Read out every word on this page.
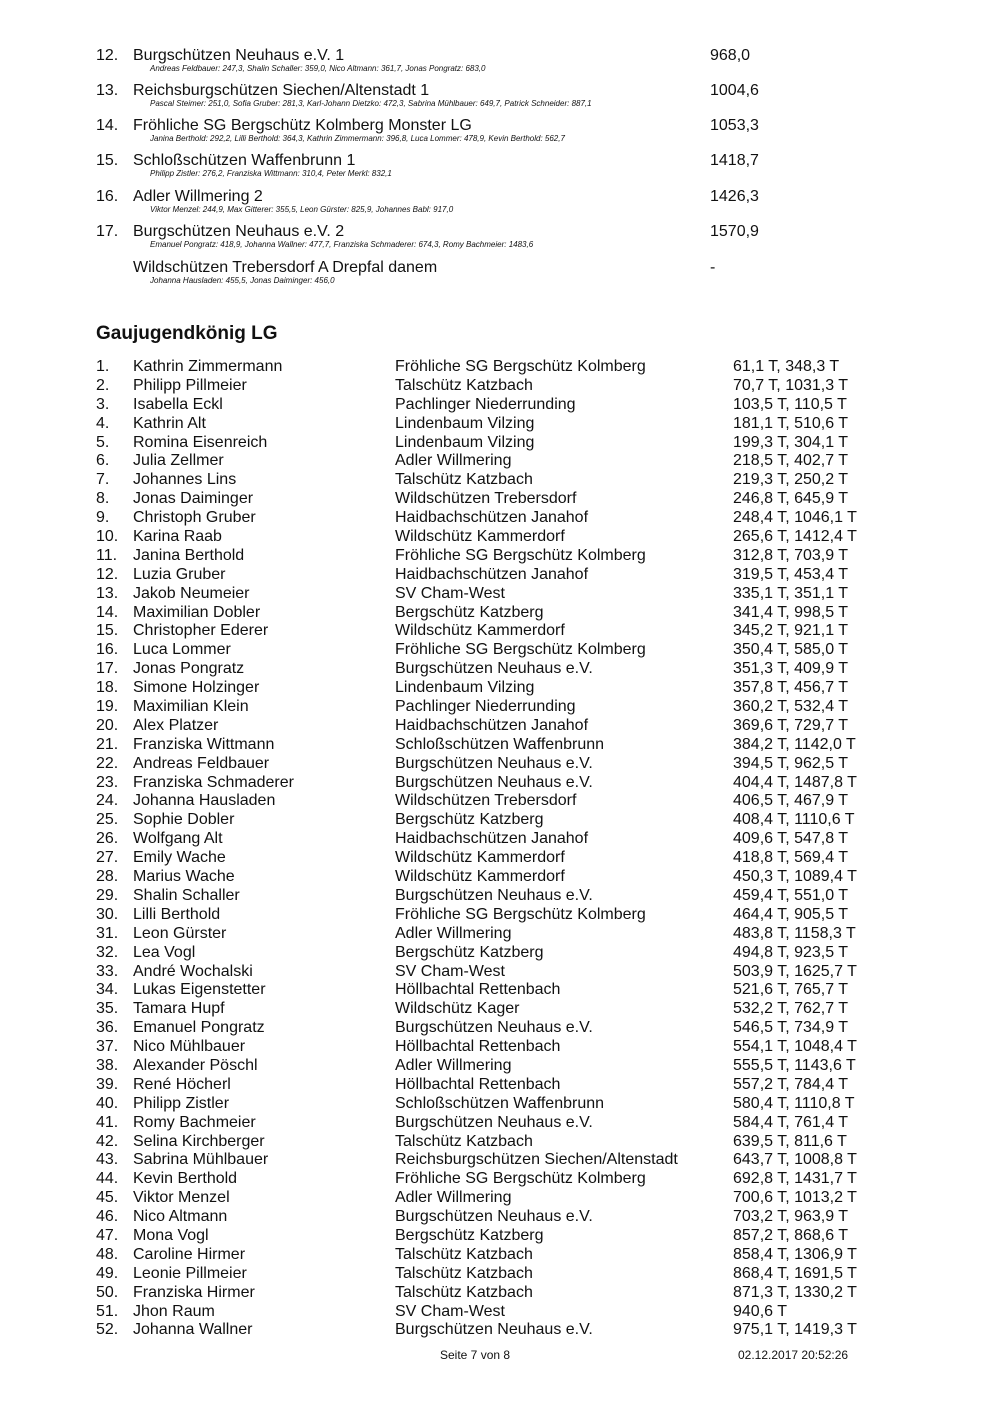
12. Burgschützen Neuhaus e.V. 1
Andreas Feldbauer: 247,3, Shalin Schaller: 359,0, Nico Altmann: 361,7, Jonas Pongratz: 683,0
968,0
13. Reichsburgschützen Siechen/Altenstadt 1
Pascal Steimer: 251,0, Sofia Gruber: 281,3, Karl-Johann Dietzko: 472,3, Sabrina Mühlbauer: 649,7, Patrick Schneider: 887,1
1004,6
14. Fröhliche SG Bergschütz Kolmberg Monster LG
Janina Berthold: 292,2, Lilli Berthold: 364,3, Kathrin Zimmermann: 396,8, Luca Lommer: 478,9, Kevin Berthold: 562,7
1053,3
15. Schloßschützen Waffenbrunn 1
Philipp Zistler: 276,2, Franziska Wittmann: 310,4, Peter Merkl: 832,1
1418,7
16. Adler Willmering 2
Viktor Menzel: 244,9, Max Gitterer: 355,5, Leon Gürster: 825,9, Johannes Babl: 917,0
1426,3
17. Burgschützen Neuhaus e.V. 2
Emanuel Pongratz: 418,9, Johanna Wallner: 477,7, Franziska Schmaderer: 674,3, Romy Bachmeier: 1483,6
1570,9
Wildschützen Trebersdorf A Drepfal danem
Johanna Hausladen: 455,5, Jonas Daiminger: 456,0
-
Gaujugendkönig LG
1. Kathrin Zimmermann	Fröhliche SG Bergschütz Kolmberg	61,1 T, 348,3 T
2. Philipp Pillmeier	Talschütz Katzbach	70,7 T, 1031,3 T
3. Isabella Eckl	Pachlinger Niederrunding	103,5 T, 110,5 T
4. Kathrin Alt	Lindenbaum Vilzing	181,1 T, 510,6 T
5. Romina Eisenreich	Lindenbaum Vilzing	199,3 T, 304,1 T
6. Julia Zellmer	Adler Willmering	218,5 T, 402,7 T
7. Johannes Lins	Talschütz Katzbach	219,3 T, 250,2 T
8. Jonas Daiminger	Wildschützen Trebersdorf	246,8 T, 645,9 T
9. Christoph Gruber	Haidbachschützen Janahof	248,4 T, 1046,1 T
10. Karina Raab	Wildschütz Kammerdorf	265,6 T, 1412,4 T
11. Janina Berthold	Fröhliche SG Bergschütz Kolmberg	312,8 T, 703,9 T
12. Luzia Gruber	Haidbachschützen Janahof	319,5 T, 453,4 T
13. Jakob Neumeier	SV Cham-West	335,1 T, 351,1 T
14. Maximilian Dobler	Bergschütz Katzberg	341,4 T, 998,5 T
15. Christopher Ederer	Wildschütz Kammerdorf	345,2 T, 921,1 T
16. Luca Lommer	Fröhliche SG Bergschütz Kolmberg	350,4 T, 585,0 T
17. Jonas Pongratz	Burgschützen Neuhaus e.V.	351,3 T, 409,9 T
18. Simone Holzinger	Lindenbaum Vilzing	357,8 T, 456,7 T
19. Maximilian Klein	Pachlinger Niederrunding	360,2 T, 532,4 T
20. Alex Platzer	Haidbachschützen Janahof	369,6 T, 729,7 T
21. Franziska Wittmann	Schloßschützen Waffenbrunn	384,2 T, 1142,0 T
22. Andreas Feldbauer	Burgschützen Neuhaus e.V.	394,5 T, 962,5 T
23. Franziska Schmaderer	Burgschützen Neuhaus e.V.	404,4 T, 1487,8 T
24. Johanna Hausladen	Wildschützen Trebersdorf	406,5 T, 467,9 T
25. Sophie Dobler	Bergschütz Katzberg	408,4 T, 1110,6 T
26. Wolfgang Alt	Haidbachschützen Janahof	409,6 T, 547,8 T
27. Emily Wache	Wildschütz Kammerdorf	418,8 T, 569,4 T
28. Marius Wache	Wildschütz Kammerdorf	450,3 T, 1089,4 T
29. Shalin Schaller	Burgschützen Neuhaus e.V.	459,4 T, 551,0 T
30. Lilli Berthold	Fröhliche SG Bergschütz Kolmberg	464,4 T, 905,5 T
31. Leon Gürster	Adler Willmering	483,8 T, 1158,3 T
32. Lea Vogl	Bergschütz Katzberg	494,8 T, 923,5 T
33. André Wochalski	SV Cham-West	503,9 T, 1625,7 T
34. Lukas Eigenstetter	Höllbachtal Rettenbach	521,6 T, 765,7 T
35. Tamara Hupf	Wildschütz Kager	532,2 T, 762,7 T
36. Emanuel Pongratz	Burgschützen Neuhaus e.V.	546,5 T, 734,9 T
37. Nico Mühlbauer	Höllbachtal Rettenbach	554,1 T, 1048,4 T
38. Alexander Pöschl	Adler Willmering	555,5 T, 1143,6 T
39. René Höcherl	Höllbachtal Rettenbach	557,2 T, 784,4 T
40. Philipp Zistler	Schloßschützen Waffenbrunn	580,4 T, 1110,8 T
41. Romy Bachmeier	Burgschützen Neuhaus e.V.	584,4 T, 761,4 T
42. Selina Kirchberger	Talschütz Katzbach	639,5 T, 811,6 T
43. Sabrina Mühlbauer	Reichsburgschützen Siechen/Altenstadt	643,7 T, 1008,8 T
44. Kevin Berthold	Fröhliche SG Bergschütz Kolmberg	692,8 T, 1431,7 T
45. Viktor Menzel	Adler Willmering	700,6 T, 1013,2 T
46. Nico Altmann	Burgschützen Neuhaus e.V.	703,2 T, 963,9 T
47. Mona Vogl	Bergschütz Katzberg	857,2 T, 868,6 T
48. Caroline Hirmer	Talschütz Katzbach	858,4 T, 1306,9 T
49. Leonie Pillmeier	Talschütz Katzbach	868,4 T, 1691,5 T
50. Franziska Hirmer	Talschütz Katzbach	871,3 T, 1330,2 T
51. Jhon Raum	SV Cham-West	940,6 T
52. Johanna Wallner	Burgschützen Neuhaus e.V.	975,1 T, 1419,3 T
Seite 7 von 8	02.12.2017 20:52:26
